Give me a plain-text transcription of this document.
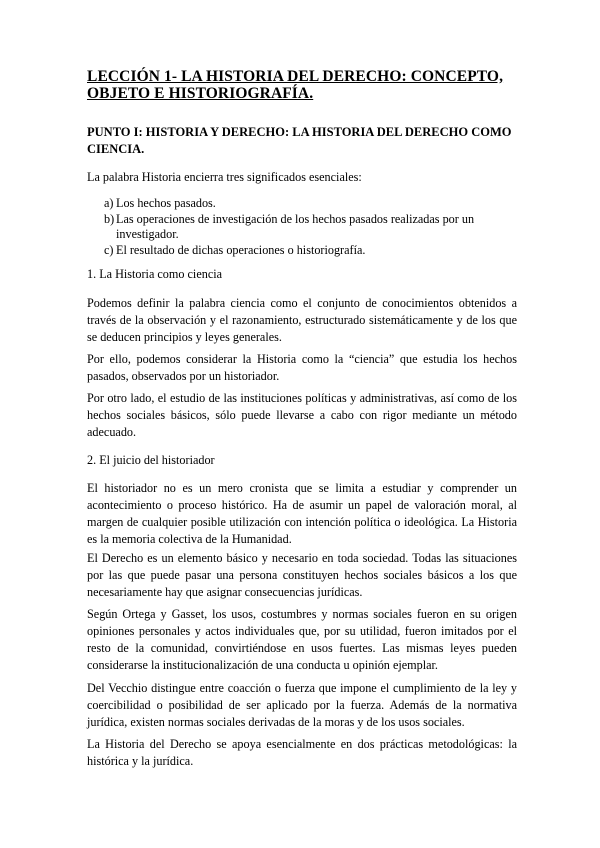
LECCIÓN 1- LA HISTORIA DEL DERECHO: CONCEPTO, OBJETO E HISTORIOGRAFÍA.
PUNTO I: HISTORIA Y DERECHO: LA HISTORIA DEL DERECHO COMO CIENCIA.

La palabra Historia encierra tres significados esenciales:

a) Los hechos pasados.
b) Las operaciones de investigación de los hechos pasados realizadas por un investigador.
c) El resultado de dichas operaciones o historiografía.

1. La Historia como ciencia

Podemos definir la palabra ciencia como el conjunto de conocimientos obtenidos a través de la observación y el razonamiento, estructurado sistemáticamente y de los que se deducen principios y leyes generales.

Por ello, podemos considerar la Historia como la “ciencia” que estudia los hechos pasados, observados por un historiador.

Por otro lado, el estudio de las instituciones políticas y administrativas, así como de los hechos sociales básicos, sólo puede llevarse a cabo con rigor mediante un método adecuado.

2. El juicio del historiador

El historiador no es un mero cronista que se limita a estudiar y comprender un acontecimiento o proceso histórico. Ha de asumir un papel de valoración moral, al margen de cualquier posible utilización con intención política o ideológica. La Historia es la memoria colectiva de la Humanidad.

El Derecho es un elemento básico y necesario en toda sociedad. Todas las situaciones por las que puede pasar una persona constituyen hechos sociales básicos a los que necesariamente hay que asignar consecuencias jurídicas.

Según Ortega y Gasset, los usos, costumbres y normas sociales fueron en su origen opiniones personales y actos individuales que, por su utilidad, fueron imitados por el resto de la comunidad, convirtiéndose en usos fuertes. Las mismas leyes pueden considerarse la institucionalización de una conducta u opinión ejemplar.

Del Vecchio distingue entre coacción o fuerza que impone el cumplimiento de la ley y coercibilidad o posibilidad de ser aplicado por la fuerza. Además de la normativa jurídica, existen normas sociales derivadas de la moras y de los usos sociales.

La Historia del Derecho se apoya esencialmente en dos prácticas metodológicas: la histórica y la jurídica.
